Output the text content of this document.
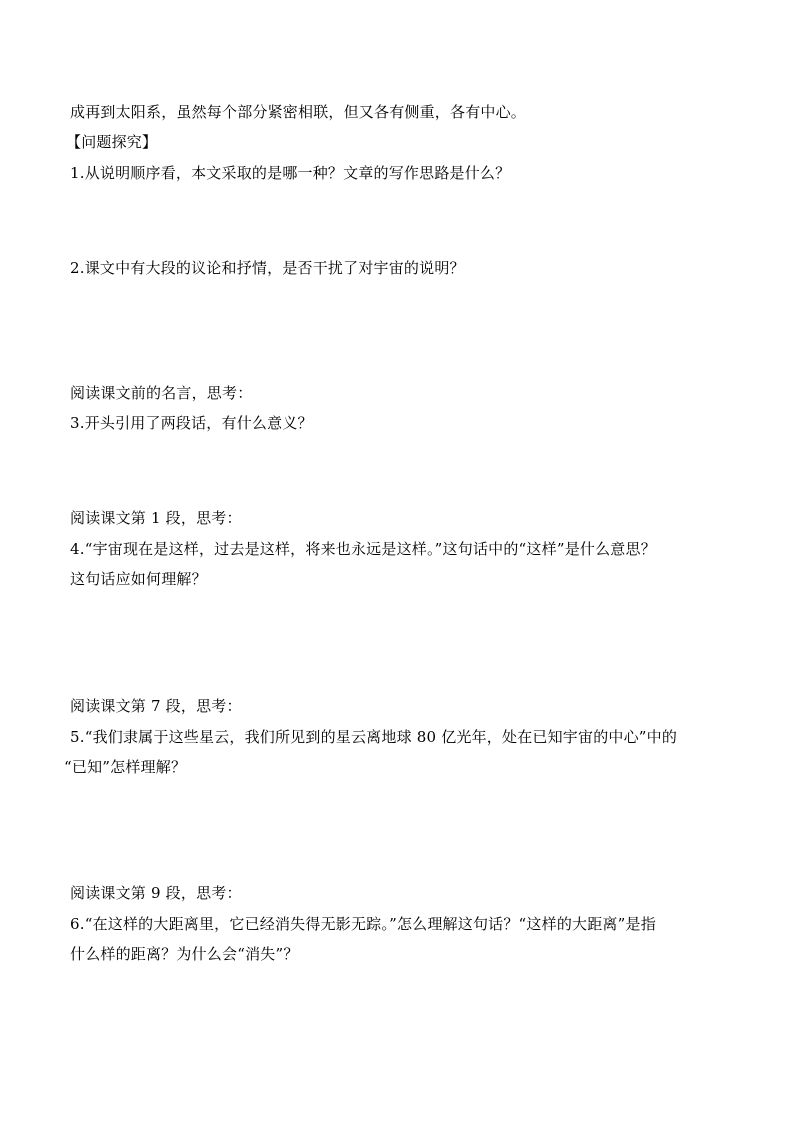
成再到太阳系，虽然每个部分紧密相联，但又各有侧重，各有中心。
【问题探究】
1.从说明顺序看，本文采取的是哪一种？文章的写作思路是什么？
2.课文中有大段的议论和抒情，是否干扰了对宇宙的说明？
阅读课文前的名言，思考：
3.开头引用了两段话，有什么意义？
阅读课文第 1 段，思考：
4.“宇宙现在是这样，过去是这样，将来也永远是这样。”这句话中的“这样”是什么意思？
这句话应如何理解？
阅读课文第 7 段，思考：
5.“我们隶属于这些星云，我们所见到的星云离地球 80 亿光年，处在已知宇宙的中心”中的
“已知”怎样理解？
阅读课文第 9 段，思考：
6.“在这样的大距离里，它已经消失得无影无踪。”怎么理解这句话？“这样的大距离”是指
什么样的距离？为什么会“消失”？
